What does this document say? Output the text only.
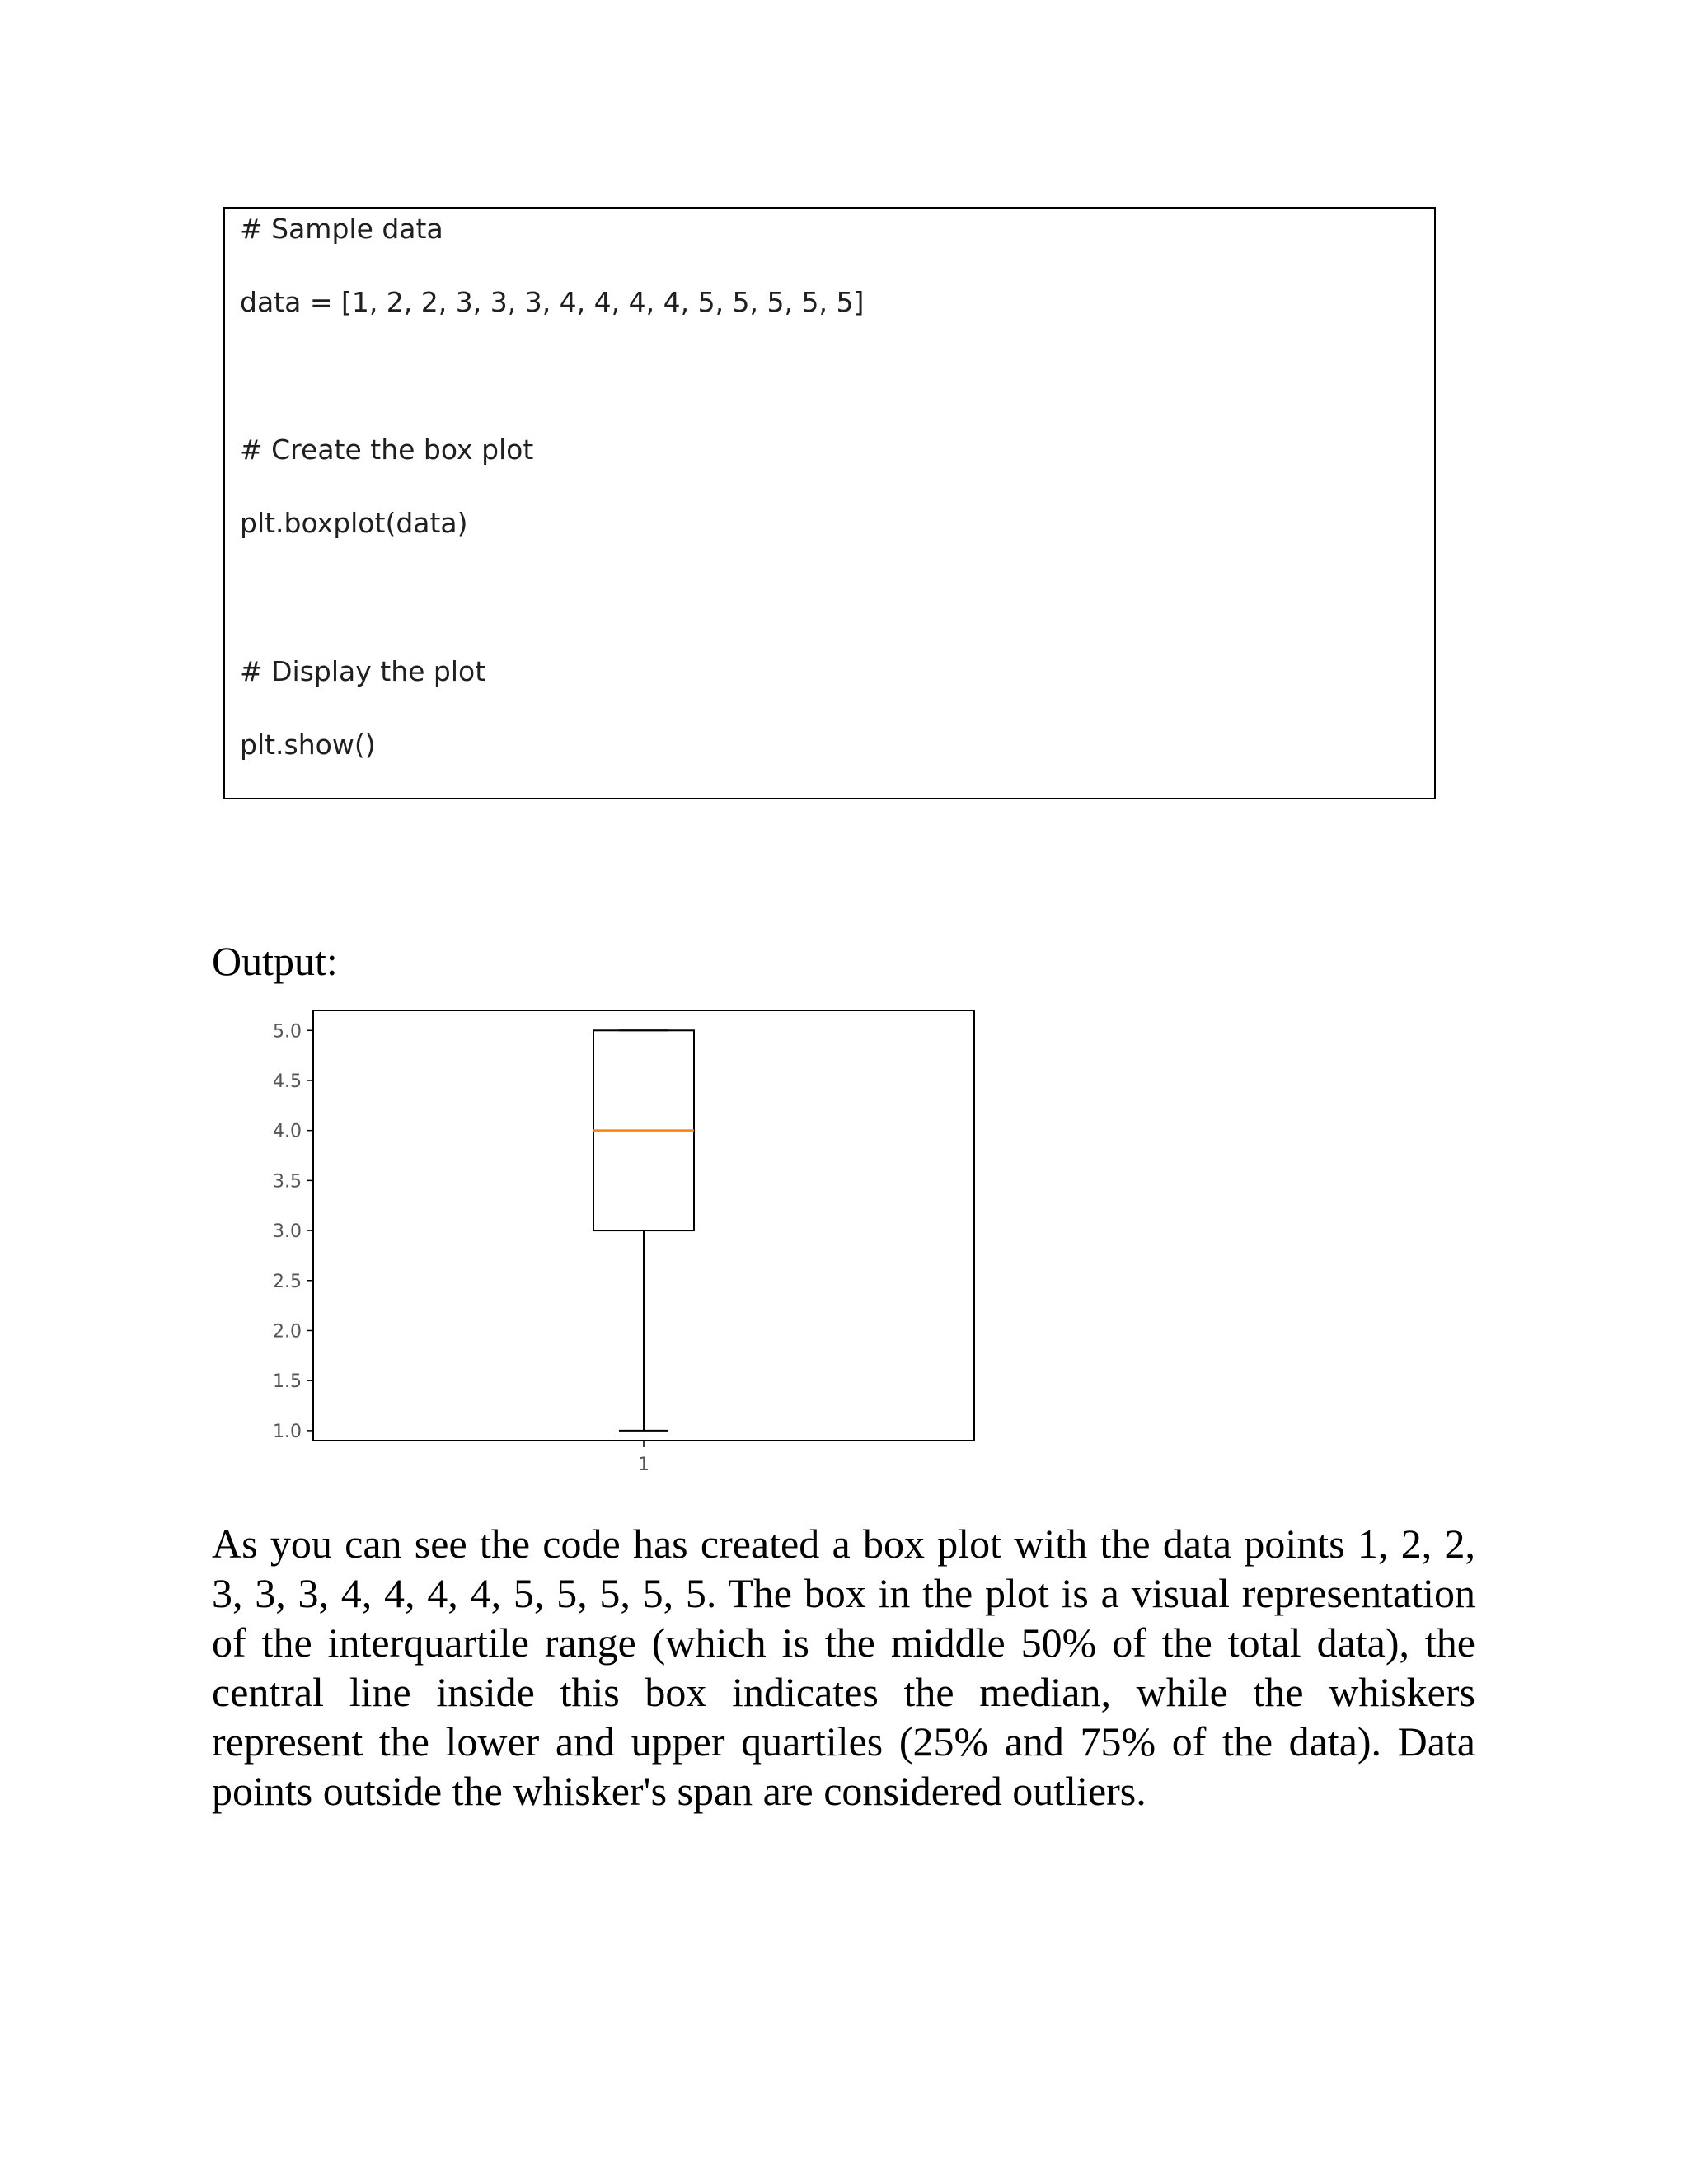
# Sample data

data = [1, 2, 2, 3, 3, 3, 4, 4, 4, 4, 5, 5, 5, 5, 5]

# Create the box plot

plt.boxplot(data)

# Display the plot

plt.show()

Output:

1.0
1.5
2.0
2.5
3.0
3.5
4.0
4.5
5.0
1

As you can see the code has created a box plot with the data points 1, 2, 2, 3, 3, 3, 4, 4, 4, 4, 5, 5, 5, 5, 5. The box in the plot is a visual representation of the interquartile range (which is the middle 50% of the total data), the central line inside this box indicates the median, while the whiskers represent the lower and upper quartiles (25% and 75% of the data). Data points outside the whisker's span are considered outliers.
